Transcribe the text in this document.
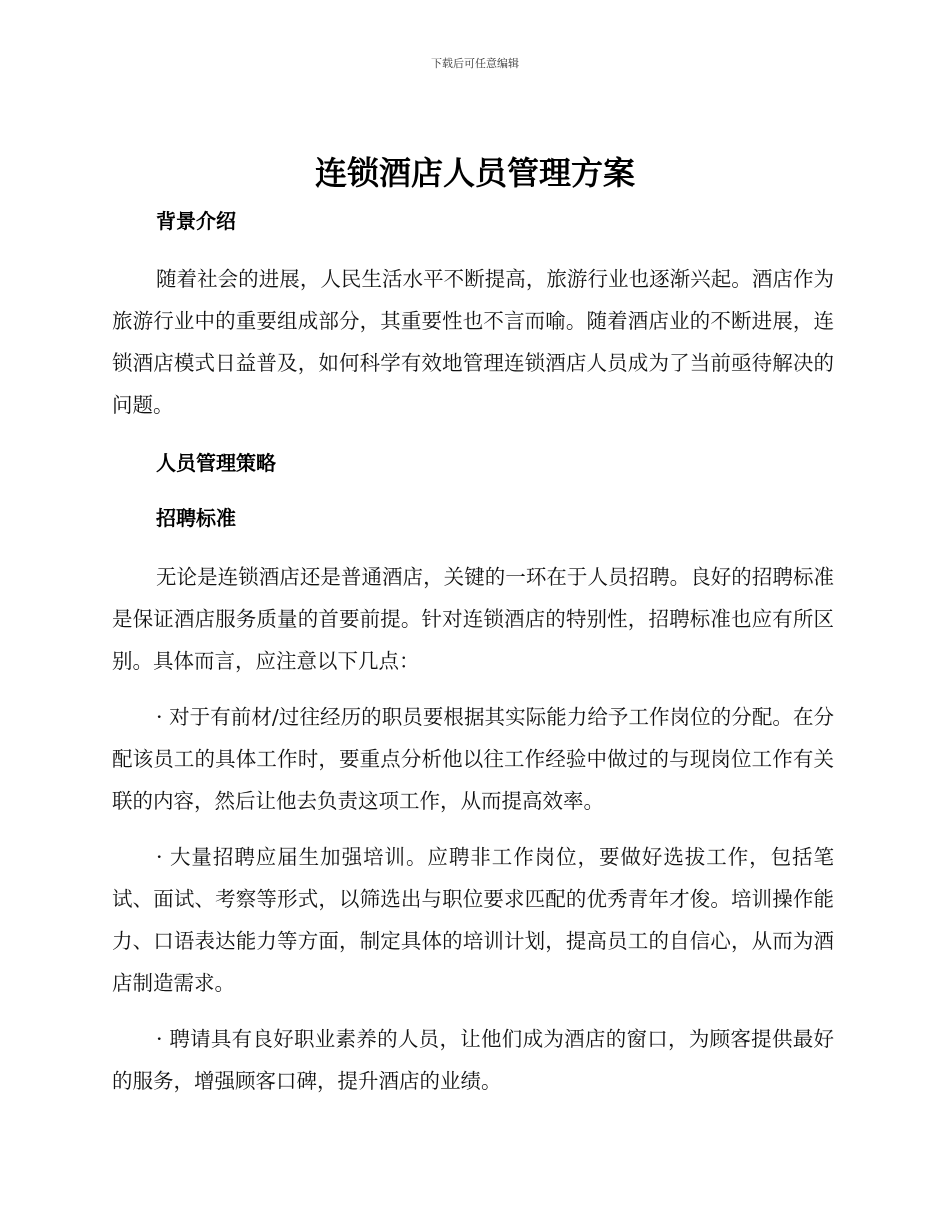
下载后可任意编辑
连锁酒店人员管理方案
背景介绍

随着社会的进展，人民生活水平不断提高，旅游行业也逐渐兴起。酒店作为旅游行业中的重要组成部分，其重要性也不言而喻。随着酒店业的不断进展，连锁酒店模式日益普及，如何科学有效地管理连锁酒店人员成为了当前亟待解决的问题。

人员管理策略
招聘标准

无论是连锁酒店还是普通酒店，关键的一环在于人员招聘。良好的招聘标准是保证酒店服务质量的首要前提。针对连锁酒店的特别性，招聘标准也应有所区别。具体而言，应注意以下几点：

· 对于有前材/过往经历的职员要根据其实际能力给予工作岗位的分配。在分配该员工的具体工作时，要重点分析他以往工作经验中做过的与现岗位工作有关联的内容，然后让他去负责这项工作，从而提高效率。

· 大量招聘应届生加强培训。应聘非工作岗位，要做好选拔工作，包括笔试、面试、考察等形式，以筛选出与职位要求匹配的优秀青年才俊。培训操作能力、口语表达能力等方面，制定具体的培训计划，提高员工的自信心，从而为酒店制造需求。

· 聘请具有良好职业素养的人员，让他们成为酒店的窗口，为顾客提供最好的服务，增强顾客口碑，提升酒店的业绩。
